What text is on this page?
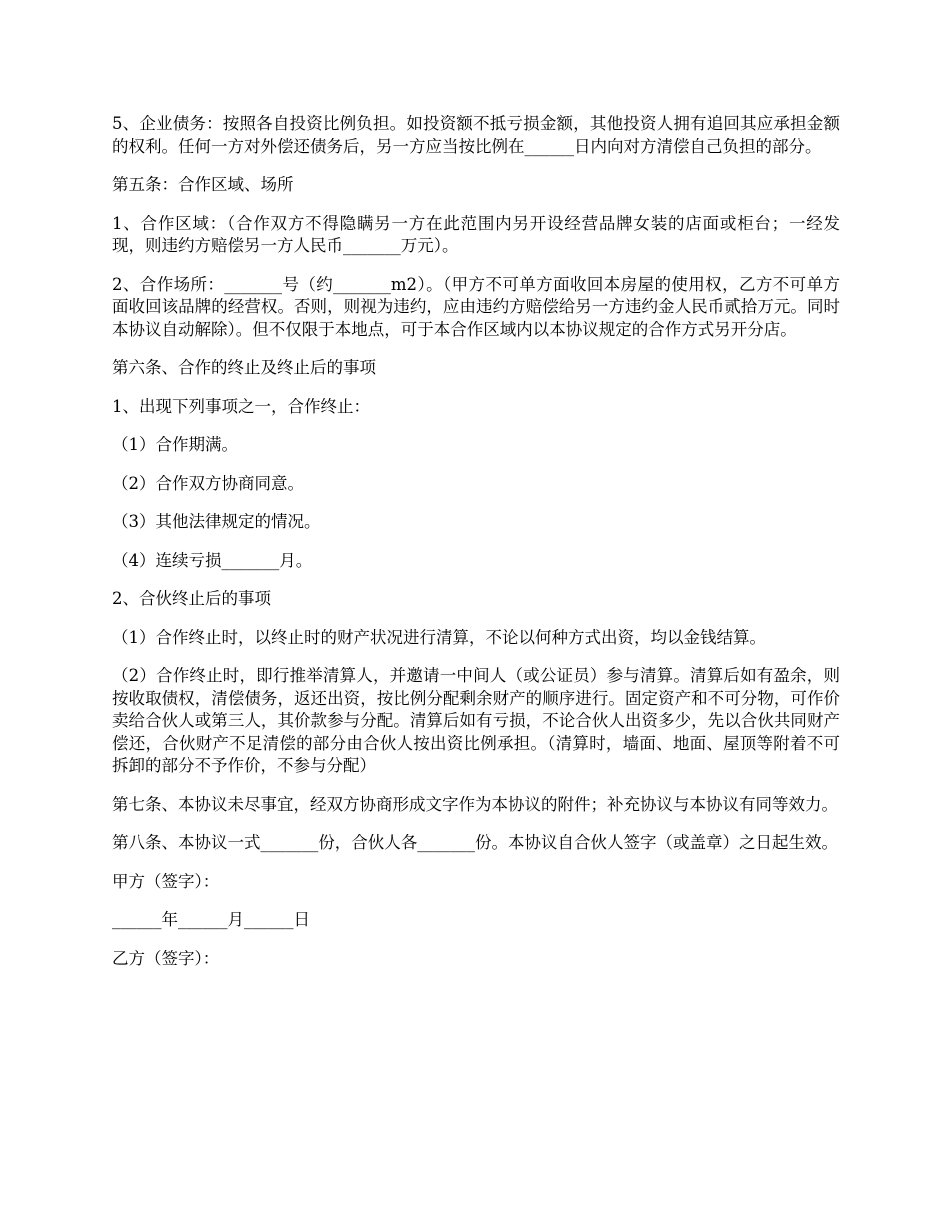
5、企业债务：按照各自投资比例负担。如投资额不抵亏损金额，其他投资人拥有追回其应承担金额的权利。任何一方对外偿还债务后，另一方应当按比例在______日内向对方清偿自己负担的部分。

第五条：合作区域、场所

1、合作区域：（合作双方不得隐瞒另一方在此范围内另开设经营品牌女装的店面或柜台；一经发现，则违约方赔偿另一方人民币_______万元）。

2、合作场所：_______号（约_______m2）。（甲方不可单方面收回本房屋的使用权，乙方不可单方面收回该品牌的经营权。否则，则视为违约，应由违约方赔偿给另一方违约金人民币贰拾万元。同时本协议自动解除）。但不仅限于本地点，可于本合作区域内以本协议规定的合作方式另开分店。

第六条、合作的终止及终止后的事项

1、出现下列事项之一，合作终止：

（1）合作期满。

（2）合作双方协商同意。

（3）其他法律规定的情况。

（4）连续亏损_______月。

2、合伙终止后的事项

（1）合作终止时，以终止时的财产状况进行清算，不论以何种方式出资，均以金钱结算。

（2）合作终止时，即行推举清算人，并邀请一中间人（或公证员）参与清算。清算后如有盈余，则按收取债权，清偿债务，返还出资，按比例分配剩余财产的顺序进行。固定资产和不可分物，可作价卖给合伙人或第三人，其价款参与分配。清算后如有亏损，不论合伙人出资多少，先以合伙共同财产偿还，合伙财产不足清偿的部分由合伙人按出资比例承担。（清算时，墙面、地面、屋顶等附着不可拆卸的部分不予作价，不参与分配）

第七条、本协议未尽事宜，经双方协商形成文字作为本协议的附件；补充协议与本协议有同等效力。

第八条、本协议一式_______份，合伙人各_______份。本协议自合伙人签字（或盖章）之日起生效。

甲方（签字）：

______年______月______日

乙方（签字）：
